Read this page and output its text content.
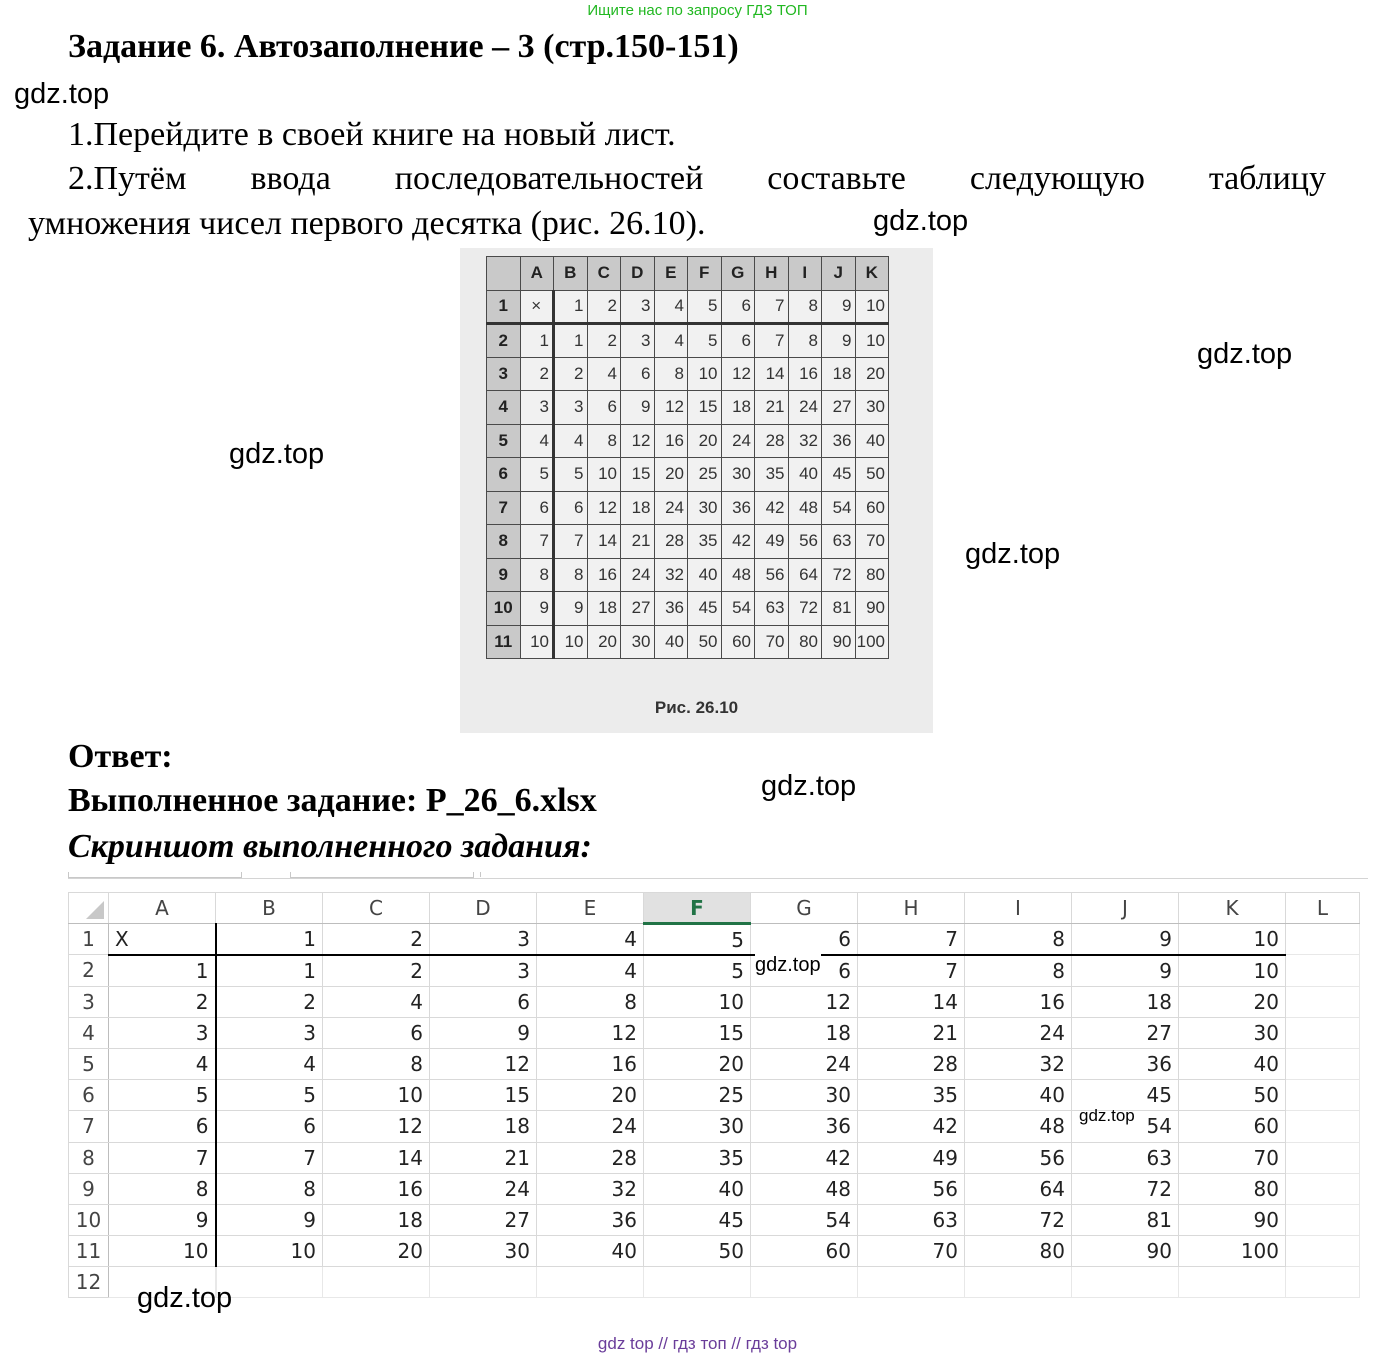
Ищите нас по запросу ГДЗ ТОП
Задание 6. Автозаполнение – 3 (стр.150-151)
gdz.top
1.Перейдите в своей книге на новый лист.
2.Путём ввода последовательностей составьте следующую таблицу
умножения чисел первого десятка (рис. 26.10).	gdz.top
gdz.top
gdz.top
gdz.top
	A	B	C	D	E	F	G	H	I	J	K
1	×	1	2	3	4	5	6	7	8	9	10
2	1	1	2	3	4	5	6	7	8	9	10
3	2	2	4	6	8	10	12	14	16	18	20
4	3	3	6	9	12	15	18	21	24	27	30
5	4	4	8	12	16	20	24	28	32	36	40
6	5	5	10	15	20	25	30	35	40	45	50
7	6	6	12	18	24	30	36	42	48	54	60
8	7	7	14	21	28	35	42	49	56	63	70
9	8	8	16	24	32	40	48	56	64	72	80
10	9	9	18	27	36	45	54	63	72	81	90
11	10	10	20	30	40	50	60	70	80	90	100
Рис. 26.10
Ответ:
gdz.top
Выполненное задание: P_26_6.xlsx
Скриншот выполненного задания:
	A	B	C	D	E	F	G	H	I	J	K	L
1	X	1	2	3	4	5	6	7	8	9	10	
2	1	1	2	3	4	5	6	7	8	9	10	
3	2	2	4	6	8	10	12	14	16	18	20	
4	3	3	6	9	12	15	18	21	24	27	30	
5	4	4	8	12	16	20	24	28	32	36	40	
6	5	5	10	15	20	25	30	35	40	45	50	
7	6	6	12	18	24	30	36	42	48	54	60	
8	7	7	14	21	28	35	42	49	56	63	70	
9	8	8	16	24	32	40	48	56	64	72	80	
10	9	9	18	27	36	45	54	63	72	81	90	
11	10	10	20	30	40	50	60	70	80	90	100	
12												
gdz.top
gdz.top
gdz.top
gdz top // гдз топ // гдз top
